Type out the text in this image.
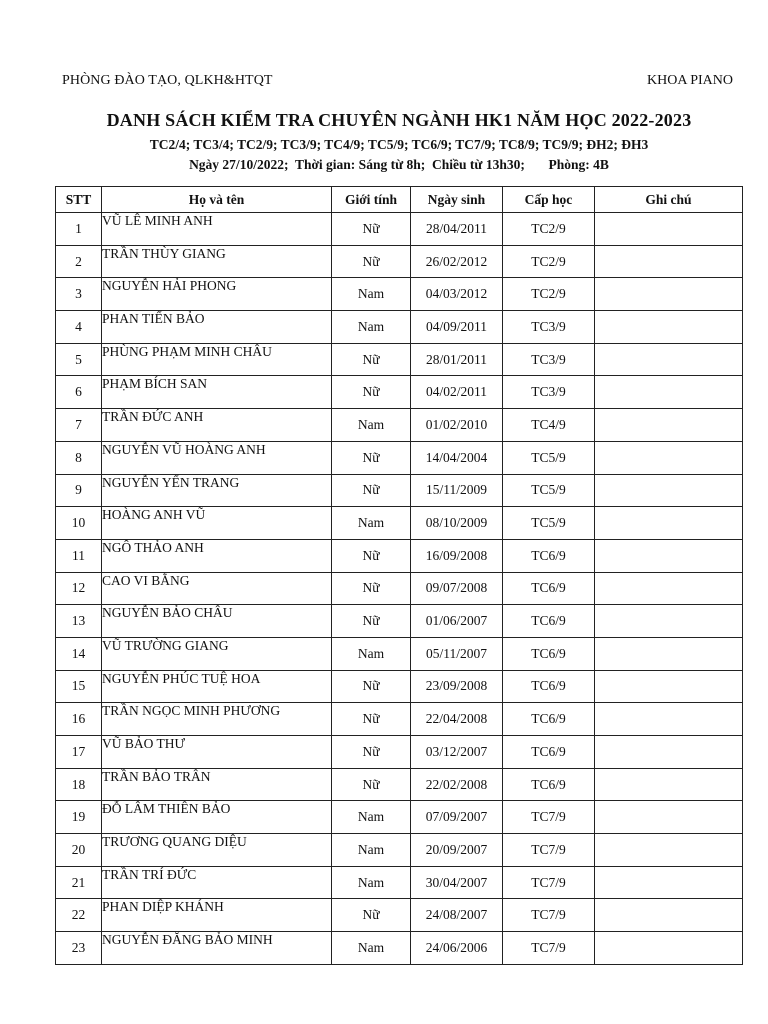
PHÒNG ĐÀO TẠO, QLKH&HTQT	KHOA PIANO
DANH SÁCH KIỂM TRA CHUYÊN NGÀNH HK1 NĂM HỌC 2022-2023
TC2/4; TC3/4; TC2/9; TC3/9; TC4/9; TC5/9; TC6/9; TC7/9; TC8/9; TC9/9; ĐH2; ĐH3
Ngày 27/10/2022;  Thời gian: Sáng từ 8h;  Chiều từ 13h30;       Phòng: 4B
STT	Họ và tên	Giới tính	Ngày sinh	Cấp học	Ghi chú
1	VŨ LÊ MINH ANH	Nữ	28/04/2011	TC2/9	
2	TRẦN THÙY GIANG	Nữ	26/02/2012	TC2/9	
3	NGUYỄN HẢI PHONG	Nam	04/03/2012	TC2/9	
4	PHAN TIẾN BẢO	Nam	04/09/2011	TC3/9	
5	PHÙNG PHẠM MINH CHÂU	Nữ	28/01/2011	TC3/9	
6	PHẠM BÍCH SAN	Nữ	04/02/2011	TC3/9	
7	TRẦN ĐỨC ANH	Nam	01/02/2010	TC4/9	
8	NGUYỄN VŨ HOÀNG ANH	Nữ	14/04/2004	TC5/9	
9	NGUYỄN YẾN TRANG	Nữ	15/11/2009	TC5/9	
10	HOÀNG ANH VŨ	Nam	08/10/2009	TC5/9	
11	NGÔ THẢO ANH	Nữ	16/09/2008	TC6/9	
12	CAO VI BẰNG	Nữ	09/07/2008	TC6/9	
13	NGUYỄN BẢO CHÂU	Nữ	01/06/2007	TC6/9	
14	VŨ TRƯỜNG GIANG	Nam	05/11/2007	TC6/9	
15	NGUYỄN PHÚC TUỆ HOA	Nữ	23/09/2008	TC6/9	
16	TRẦN NGỌC MINH PHƯƠNG	Nữ	22/04/2008	TC6/9	
17	VŨ BẢO THƯ	Nữ	03/12/2007	TC6/9	
18	TRẦN BẢO TRÂN	Nữ	22/02/2008	TC6/9	
19	ĐỖ LÂM THIÊN BẢO	Nam	07/09/2007	TC7/9	
20	TRƯƠNG QUANG DIỆU	Nam	20/09/2007	TC7/9	
21	TRẦN TRÍ ĐỨC	Nam	30/04/2007	TC7/9	
22	PHAN DIỆP KHÁNH	Nữ	24/08/2007	TC7/9	
23	NGUYỄN ĐĂNG BẢO MINH	Nam	24/06/2006	TC7/9	
